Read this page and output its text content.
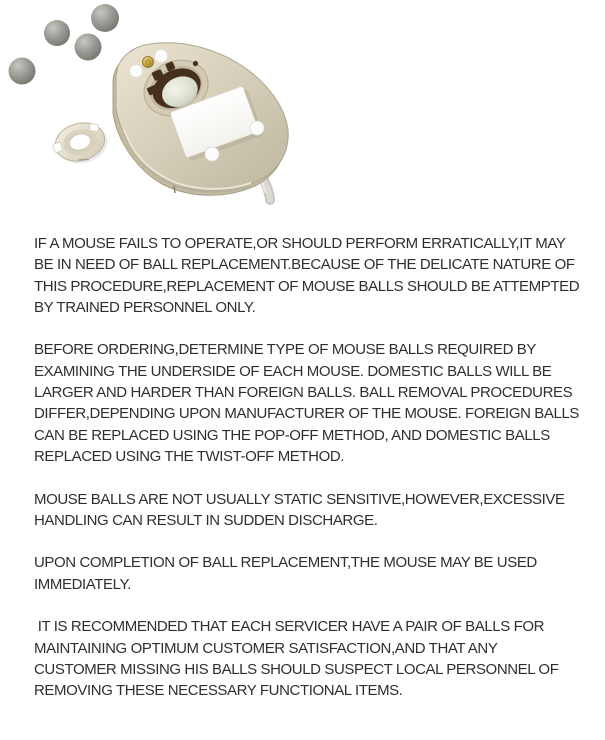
IF A MOUSE FAILS TO OPERATE,OR SHOULD PERFORM ERRATICALLY,IT MAY
BE IN NEED OF BALL REPLACEMENT.BECAUSE OF THE DELICATE NATURE OF
THIS PROCEDURE,REPLACEMENT OF MOUSE BALLS SHOULD BE ATTEMPTED
BY TRAINED PERSONNEL ONLY.
BEFORE ORDERING,DETERMINE TYPE OF MOUSE BALLS REQUIRED BY
EXAMINING THE UNDERSIDE OF EACH MOUSE. DOMESTIC BALLS WILL BE
LARGER AND HARDER THAN FOREIGN BALLS. BALL REMOVAL PROCEDURES
DIFFER,DEPENDING UPON MANUFACTURER OF THE MOUSE. FOREIGN BALLS
CAN BE REPLACED USING THE POP-OFF METHOD, AND DOMESTIC BALLS
REPLACED USING THE TWIST-OFF METHOD.
MOUSE BALLS ARE NOT USUALLY STATIC SENSITIVE,HOWEVER,EXCESSIVE
HANDLING CAN RESULT IN SUDDEN DISCHARGE.
UPON COMPLETION OF BALL REPLACEMENT,THE MOUSE MAY BE USED
IMMEDIATELY.
IT IS RECOMMENDED THAT EACH SERVICER HAVE A PAIR OF BALLS FOR
MAINTAINING OPTIMUM CUSTOMER SATISFACTION,AND THAT ANY
CUSTOMER MISSING HIS BALLS SHOULD SUSPECT LOCAL PERSONNEL OF
REMOVING THESE NECESSARY FUNCTIONAL ITEMS.
